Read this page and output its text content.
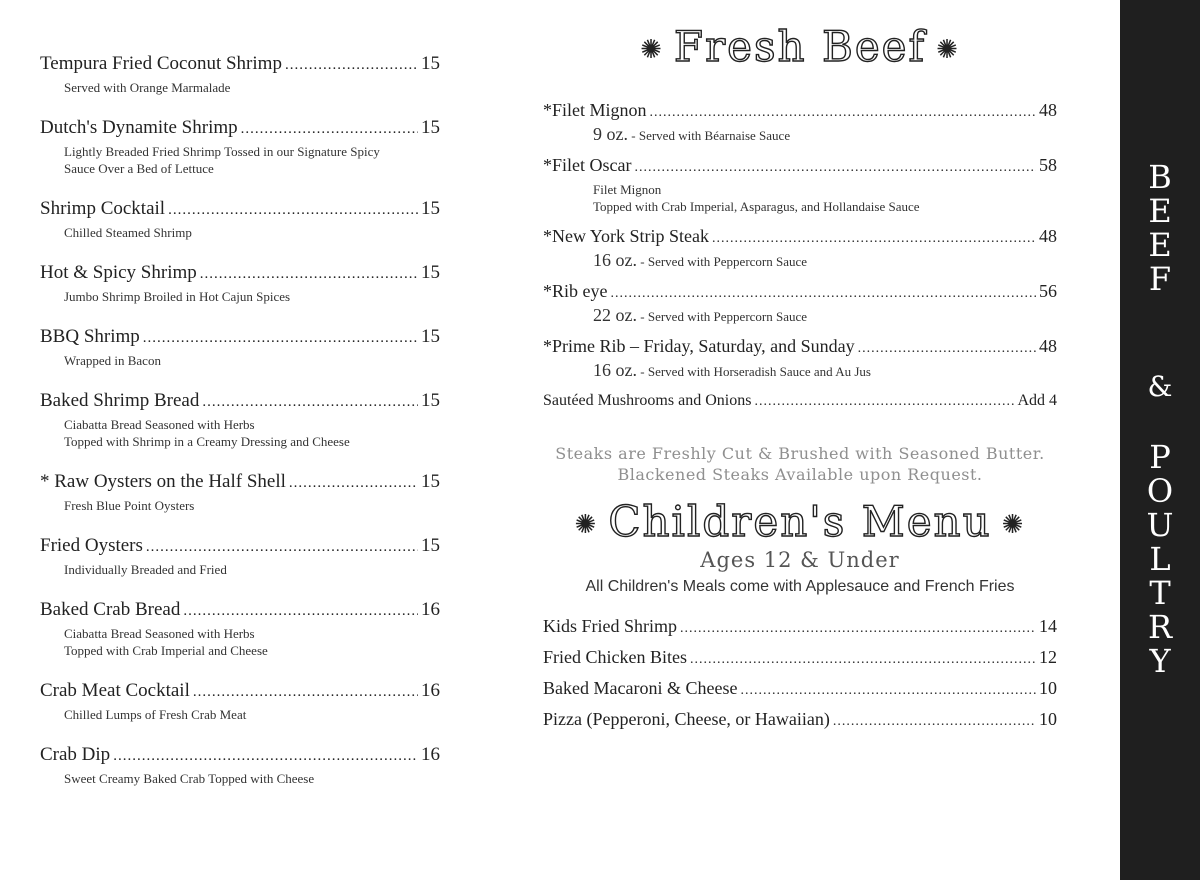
Tempura Fried Coconut Shrimp .....	15
Served with Orange Marmalade
Dutch's Dynamite Shrimp .....	15
Lightly Breaded Fried Shrimp Tossed in our Signature Spicy
Sauce Over a Bed of Lettuce
Shrimp Cocktail .....	15
Chilled Steamed Shrimp
Hot & Spicy Shrimp .....	15
Jumbo Shrimp Broiled in Hot Cajun Spices
BBQ Shrimp .....	15
Wrapped in Bacon
Baked Shrimp Bread .....	15
Ciabatta Bread Seasoned with Herbs
Topped with Shrimp in a Creamy Dressing and Cheese
* Raw Oysters on the Half Shell .....	15
Fresh Blue Point Oysters
Fried Oysters .....	15
Individually Breaded and Fried
Baked Crab Bread .....	16
Ciabatta Bread Seasoned with Herbs
Topped with Crab Imperial and Cheese
Crab Meat Cocktail .....	16
Chilled Lumps of Fresh Crab Meat
Crab Dip .....	16
Sweet Creamy Baked Crab Topped with Cheese
✺ Fresh Beef ✺
*Filet Mignon .....	48
9 oz. - Served with Béarnaise Sauce
*Filet Oscar .....	58
Filet Mignon
Topped with Crab Imperial, Asparagus, and Hollandaise Sauce
*New York Strip Steak .....	48
16 oz. - Served with Peppercorn Sauce
*Rib eye .....	56
22 oz. - Served with Peppercorn Sauce
*Prime Rib – Friday, Saturday, and Sunday .....	48
16 oz. - Served with Horseradish Sauce and Au Jus
Sautéed Mushrooms and Onions .....	Add 4
Steaks are Freshly Cut & Brushed with Seasoned Butter.
Blackened Steaks Available upon Request.
✺ Children's Menu ✺
Ages 12 & Under
All Children's Meals come with Applesauce and French Fries
Kids Fried Shrimp .....	14
Fried Chicken Bites .....	12
Baked Macaroni & Cheese .....	10
Pizza (Pepperoni, Cheese, or Hawaiian) .....	10
B
E
E
F
&
P
O
U
L
T
R
Y
